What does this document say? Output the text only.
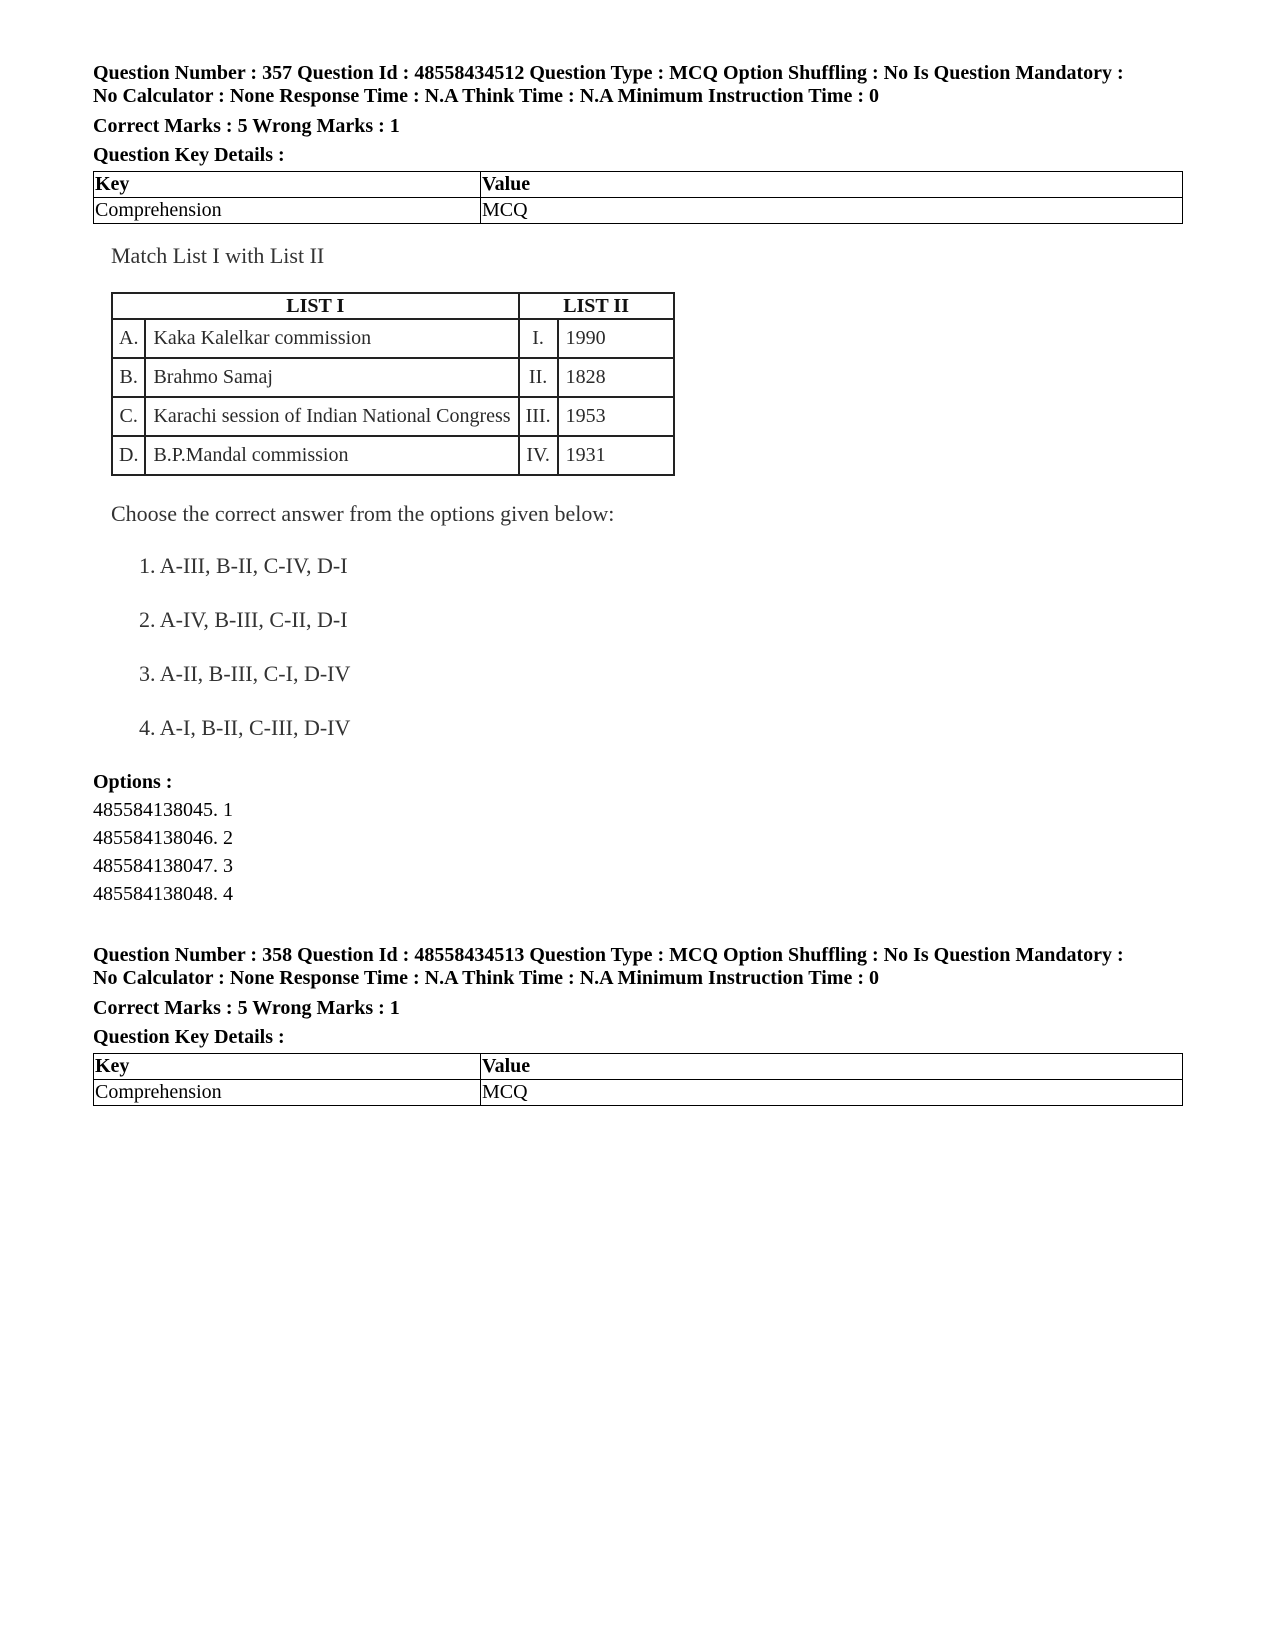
Question Number : 357 Question Id : 48558434512 Question Type : MCQ Option Shuffling : No Is Question Mandatory :

No Calculator : None Response Time : N.A Think Time : N.A Minimum Instruction Time : 0

Correct Marks : 5 Wrong Marks : 1
Question Key Details :
Key	Value
Comprehension	MCQ
Match List I with List II
LIST I		LIST II	
A.	Kaka Kalelkar commission	I.	1990
B.	Brahmo Samaj	II.	1828
C.	Karachi session of Indian National Congress	III.	1953
D.	B.P.Mandal commission	IV.	1931
Choose the correct answer from the options given below:
1. A-III, B-II, C-IV, D-I
2. A-IV, B-III, C-II, D-I
3. A-II, B-III, C-I, D-IV
4. A-I, B-II, C-III, D-IV
Options :
485584138045. 1
485584138046. 2
485584138047. 3
485584138048. 4

Question Number : 358 Question Id : 48558434513 Question Type : MCQ Option Shuffling : No Is Question Mandatory :

No Calculator : None Response Time : N.A Think Time : N.A Minimum Instruction Time : 0

Correct Marks : 5 Wrong Marks : 1
Question Key Details :
Key	Value
Comprehension	MCQ
